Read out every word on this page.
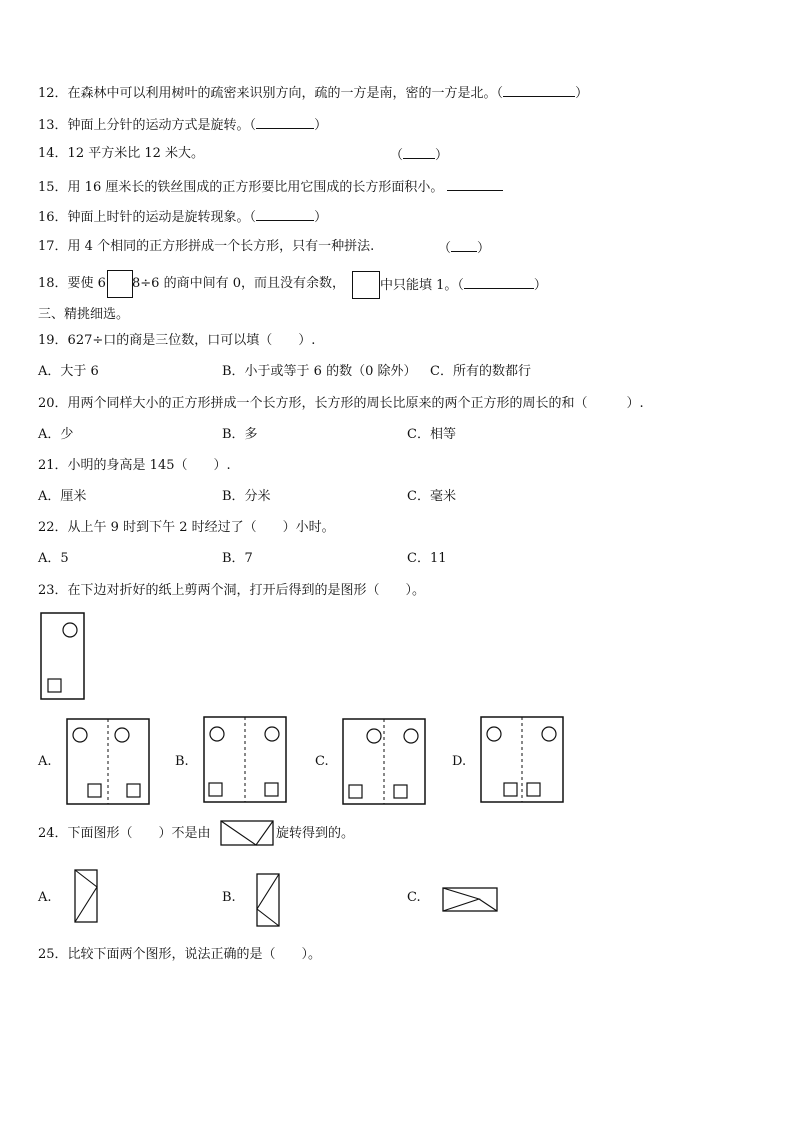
12．在森林中可以利用树叶的疏密来识别方向，疏的一方是南，密的一方是北。（	）
13．钟面上分针的运动方式是旋转。（	）
14．12 平方米比 12 米大。	（ ）
15．用 16 厘米长的铁丝围成的正方形要比用它围成的长方形面积小。
16．钟面上时针的运动是旋转现象。（	）
17．用 4 个相同的正方形拼成一个长方形，只有一种拼法.	（ ）
18．要使 6 8÷6 的商中间有 0，而且没有余数，	中只能填 1。（	）
三、精挑细选。
19．627÷口的商是三位数，口可以填（　　）.
A．大于 6	B．小于或等于 6 的数（0 除外） C．所有的数都行
20．用两个同样大小的正方形拼成一个长方形，长方形的周长比原来的两个正方形的周长的和（　　　）.
A．少	B．多	C．相等
21．小明的身高是 145（　　）.
A．厘米	B．分米	C．毫米
22．从上午 9 时到下午 2 时经过了（　　）小时。
A．5	B．7	C．11
23．在下边对折好的纸上剪两个洞，打开后得到的是图形（　　）。
A.	B.	C.	D.
24．下面图形（　　）不是由	旋转得到的。
A.	B.	C.
25．比较下面两个图形，说法正确的是（　　）。
